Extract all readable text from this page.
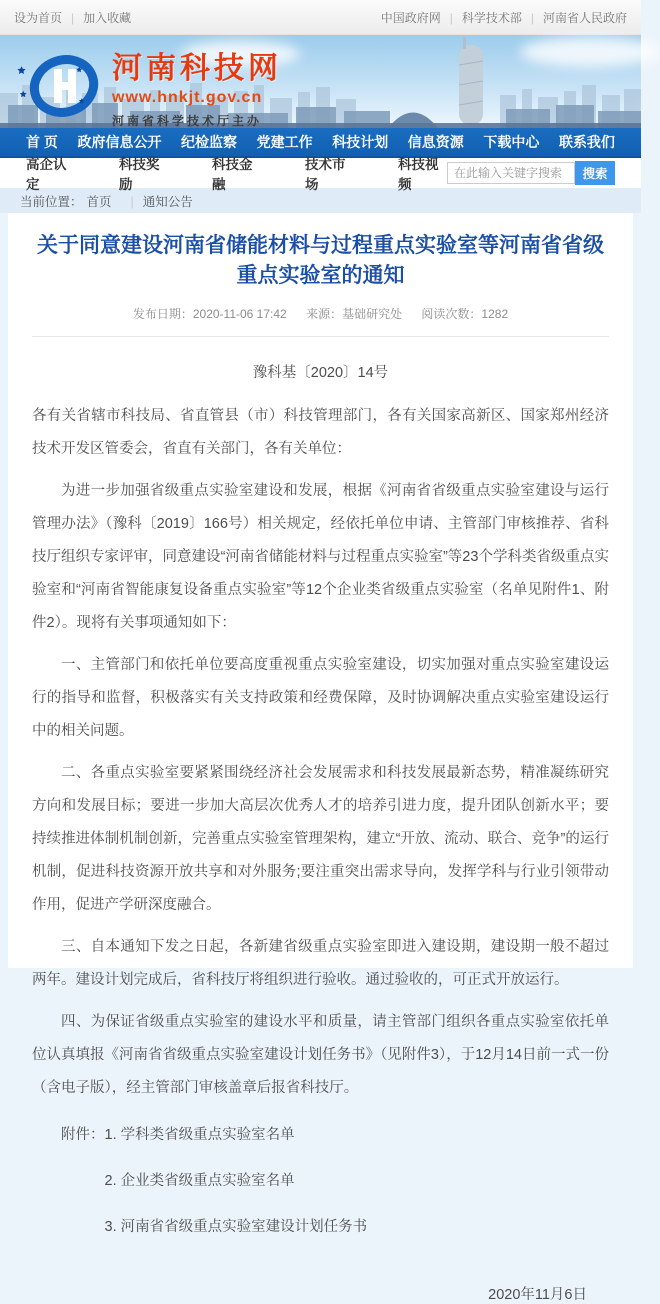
设为首页	| 加入收藏	中国政府网	| 科学技术部	| 河南省人民政府
河南科技网
www.hnkjt.gov.cn
河南省科学技术厅主办
首 页 政府信息公开 纪检监察 党建工作 科技计划 信息资源 下载中心 联系我们
高企认定
科技奖励
科技金融
技术市场
科技视频
在此输入关键字搜索
搜索
当前位置： 首页	| 通知公告
关于同意建设河南省储能材料与过程重点实验室等河南省省级重点实验室的通知
发布日期：2020-11-06 17:42 来源：基础研究处 阅读次数：1282
豫科基〔2020〕14号

各有关省辖市科技局、省直管县（市）科技管理部门，各有关国家高新区、国家郑州经济技术开发区管委会，省直有关部门，各有关单位：

为进一步加强省级重点实验室建设和发展，根据《河南省省级重点实验室建设与运行管理办法》（豫科〔2019〕166号）相关规定，经依托单位申请、主管部门审核推荐、省科技厅组织专家评审，同意建设“河南省储能材料与过程重点实验室”等23个学科类省级重点实验室和“河南省智能康复设备重点实验室”等12个企业类省级重点实验室（名单见附件1、附件2）。现将有关事项通知如下：

一、主管部门和依托单位要高度重视重点实验室建设，切实加强对重点实验室建设运行的指导和监督，积极落实有关支持政策和经费保障，及时协调解决重点实验室建设运行中的相关问题。

二、各重点实验室要紧紧围绕经济社会发展需求和科技发展最新态势，精准凝练研究方向和发展目标；要进一步加大高层次优秀人才的培养引进力度，提升团队创新水平；要持续推进体制机制创新，完善重点实验室管理架构，建立“开放、流动、联合、竞争”的运行机制，促进科技资源开放共享和对外服务;要注重突出需求导向，发挥学科与行业引领带动作用，促进产学研深度融合。

三、自本通知下发之日起，各新建省级重点实验室即进入建设期，建设期一般不超过两年。建设计划完成后，省科技厅将组织进行验收。通过验收的，可正式开放运行。

四、为保证省级重点实验室的建设水平和质量，请主管部门组织各重点实验室依托单位认真填报《河南省省级重点实验室建设计划任务书》（见附件3），于12月14日前一式一份（含电子版），经主管部门审核盖章后报省科技厅。

附件： 1. 学科类省级重点实验室名单
2. 企业类省级重点实验室名单
3. 河南省省级重点实验室建设计划任务书
2020年11月6日
